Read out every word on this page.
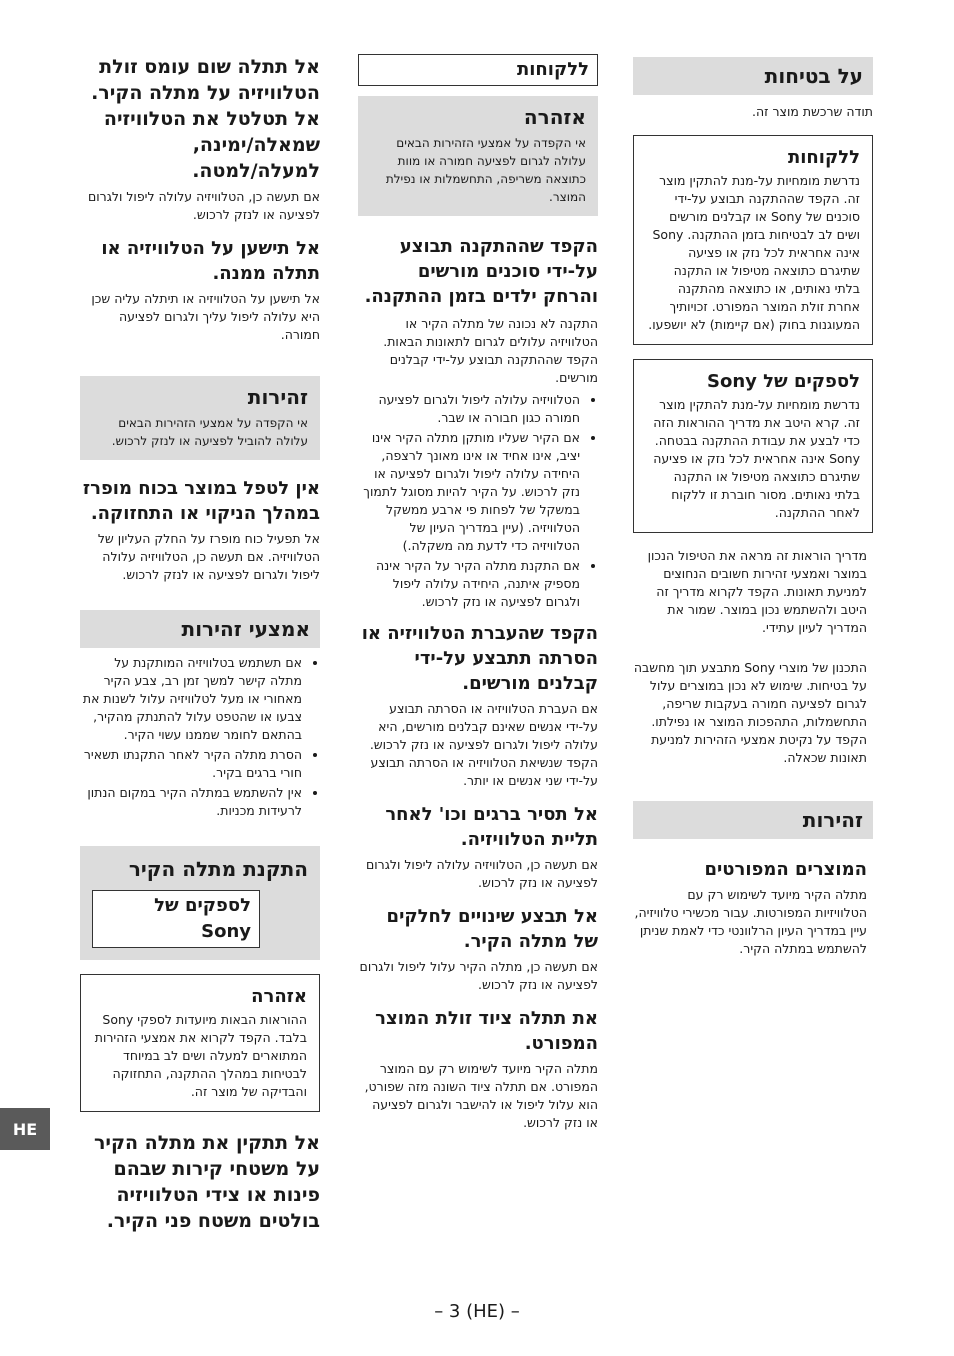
על בטיחות
תודה שרכשת מוצר זה.
ללקוחות
נדרשת מומחיות על-מנת להתקין מוצר זה. הקפד שההתקנה תבוצע על-ידי סוכנים של Sony או קבלנים מורשים ושים לב לבטיחות בזמן ההתקנה. Sony אינה אחראית לכל נזק או פציעה שתיגרם כתוצאה מטיפול או התקנה בלתי נאותים, או כתוצאה מהתקנה אחרת זולת המוצר המפורט. זכויותיך המעוגנות בחוק (אם קיימות) לא יושפעו.
לספקים של Sony
נדרשת מומחיות על-מנת להתקין מוצר זה. קרא היטב את מדריך ההוראות הזה כדי לבצע את עבודת ההתקנה בבטחה. Sony אינה אחראית לכל נזק או פציעה שתיגרם כתוצאה מטיפול או התקנה בלתי נאותים. מסור חוברת זו ללקוח לאחר ההתקנה.
מדריך הוראות זה מראה את הטיפול הנכון במוצר ואמצעי זהירות חשובים הנחוצים למניעת תאונות. הקפד לקרוא מדריך זה היטב ולהשתמש נכון במוצר. שמור את המדריך לעיון עתידי.
התכנון של מוצרי Sony מתבצע תוך מחשבה על בטיחות. שימוש לא נכון במוצרים עלול לגרום לפציעה חמורה בעקבות שריפה, התחשמלות, התהפכות המוצר או נפילתו. הקפד על נקיטת אמצעי הזהירות למניעת תאונות שכאלה.
זהירות
המוצרים המפורטים
מתלה הקיר מיועד לשימוש רק עם הטלוויזיות המפורטות. עבור מכשירי טלוויזיה, עיין במדריך העיון הרלוונטי כדי לאמת שניתן להשתמש במתלה הקיר.
ללקוחות
אזהרה
אי הקפדה על אמצעי הזהירות הבאים עלולה לגרום לפציעה חמורה או מוות כתוצאה משריפה, התחשמלות או נפילת המוצר.
הקפד שההתקנה תבוצע על-ידי סוכנים מורשים והרחק ילדים בזמן ההתקנה.
התקנה לא נכונה של מתלה הקיר או הטלוויזיה עלולים לגרום לתאונות הבאות. הקפד שההתקנה תבוצע על-ידי קבלנים מורשים.
• הטלוויזיה עלולה ליפול ולגרום לפציעה חמורה כגון חבורה או שבר.
• אם הקיר שעליו מותקן מתלה הקיר אינו יציב, אינו אחיד או אינו מאונך לרצפה, היחידה עלולה ליפול ולגרום לפציעה או נזק לרכוש. על הקיר להיות מסוגל לתמוך במשקל של לפחות פי ארבע ממשקל הטלוויזיה. (עיין במדריך העיון של הטלוויזיה כדי לדעת מה משקלה.)
• אם התקנת מתלה הקיר על הקיר אינה מספיק איתנה, היחידה עלולה ליפול ולגרום לפציעה או נזק לרכוש.
הקפד שהעברת הטלוויזיה או הסרתה תתבצע על-ידי קבלנים מורשים.
אם העברת הטלוויזיה או הסרתה תבוצע על-ידי אנשים שאינם קבלנים מורשים, היא עלולה ליפול ולגרום לפציעה או נזק לרכוש. הקפד שנשיאת הטלוויזיה או הסרתה תבוצע על-ידי שני אנשים או יותר.
אל תסיר ברגים וכו' לאחר תליית הטלוויזיה.
אם תעשה כן, הטלוויזיה עלולה ליפול ולגרום לפציעה או נזק לרכוש.
אל תבצע שינויים לחלקים של מתלה הקיר.
אם תעשה כן, מתלה הקיר עלול ליפול ולגרום לפציעה או נזק לרכוש.
את תתלה ציוד זולת המוצר המפורט.
מתלה הקיר מיועד לשימוש רק עם המוצר המפורט. אם תתלה ציוד השונה מזה שפורט, הוא עלול ליפול או להישבר ולגרום לפציעה או נזק לרכוש.
אל תתלה שום עומס זולת הטלוויזיה על מתלה הקיר. אל תטלטל את הטלוויזיה שמאלה/ימינה, למעלה/למטה.
אם תעשה כן, הטלוויזיה עלולה ליפול ולגרום לפציעה או לנזק לרכוש.
אל תישען על הטלוויזיה או תתלה ממנה.
אל תישען על הטלוויזיה או תיתלה עליה שכן היא עלולה ליפול עליך ולגרום לפציעה חמורה.
זהירות
אי הקפדה על אמצעי הזהירות הבאים עלולה להוביל לפציעה או לנזק לרכוש.
אין לטפל במוצר בכוח מופרז במהלך הניקוי או התחזוקה.
אל תפעיל כוח מופרז על החלק העליון של הטלוויזיה. אם תעשה כן, הטלוויזיה עלולה ליפול ולגרום לפציעה או לנזק לרכוש.
אמצעי זהירות
• אם תשתמש בטלוויזיה המותקנת על מתלה קישר למשך זמן רב, צבע הקיר מאחורי או מעל לטלוויזיה עלול לשנות את צבעו או שהטפט עלול להתנתק מהקיר, בהתאם לחומר שממנו עשוי הקיר.
• הסרת מתלה הקיר לאחר התקנתו תשאיר חורי ברגים בקיר.
• אין להשתמש במתלה הקיר במקום הנתון לרעידות מכניות.
התקנת מתלה הקיר
לספקים של Sony
אזהרה
ההוראות הבאות מיועדות לספקי Sony בלבד. הקפד לקרוא את אמצעי הזהירות המתוארים למעלה ושים לב במיוחד לבטיחות במהלך ההתקנה, התחזוקה והבדיקה של מוצר זה.
אל תתקין את מתלה הקיר על משטחי קירות שבהם פינות או צידי הטלוויזיה בולטים משטח פני הקיר.
HE
– 3 (HE) –
